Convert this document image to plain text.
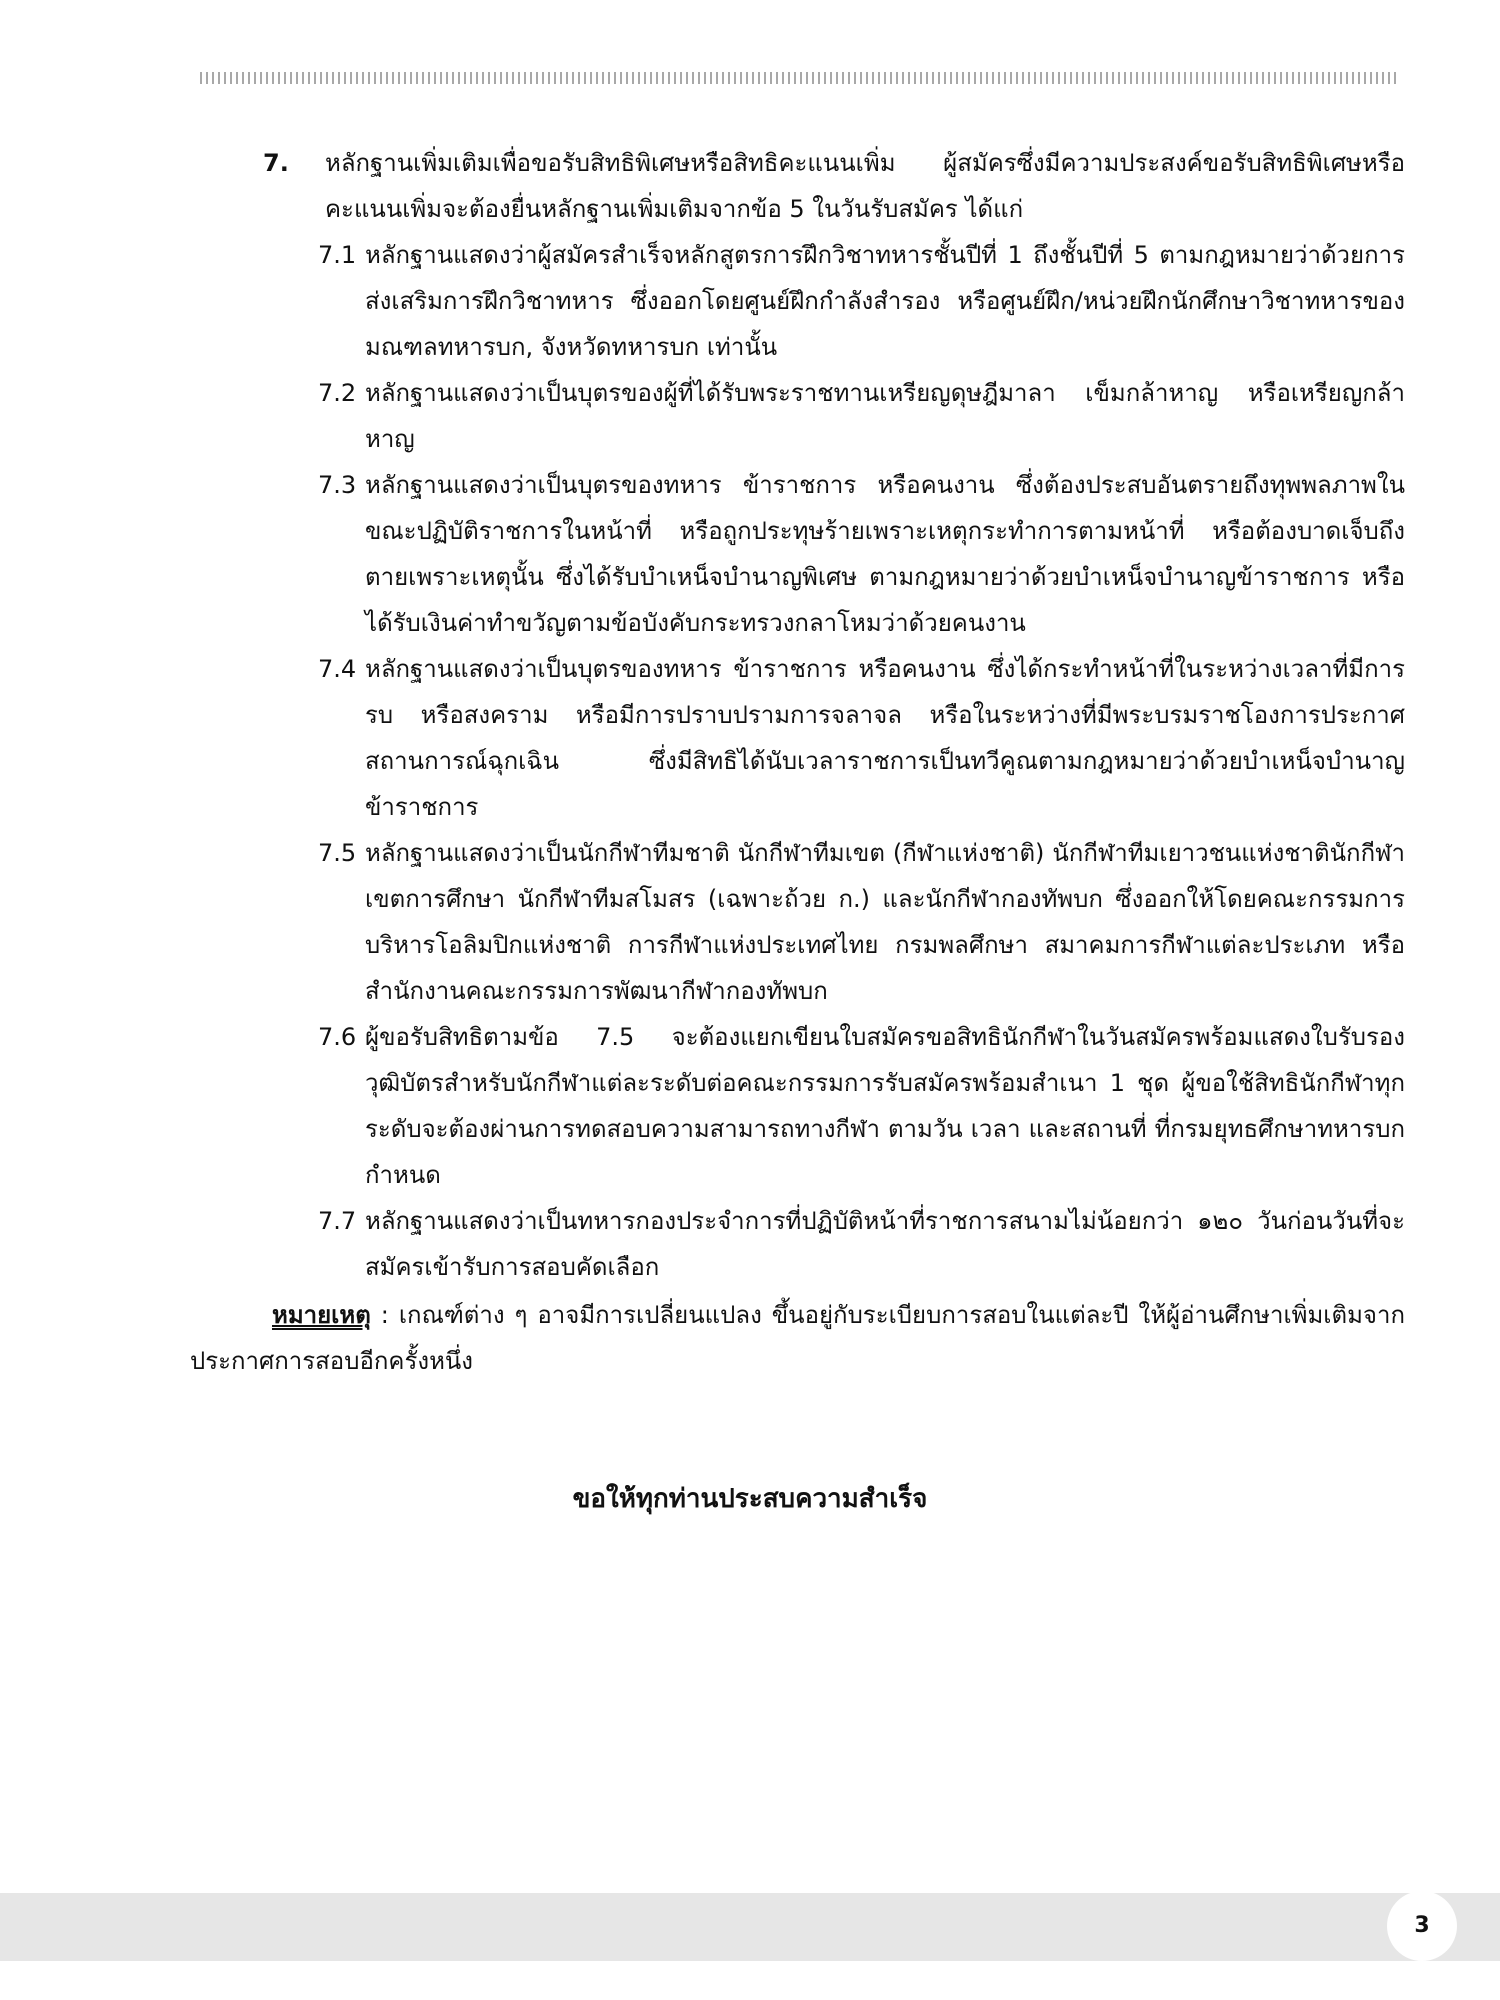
7. หลักฐานเพิ่มเติมเพื่อขอรับสิทธิพิเศษหรือสิทธิคะแนนเพิ่ม ผู้สมัครซึ่งมีความประสงค์ขอรับสิทธิพิเศษหรือคะแนนเพิ่มจะต้องยื่นหลักฐานเพิ่มเติมจากข้อ 5 ในวันรับสมัคร ได้แก่
7.1 หลักฐานแสดงว่าผู้สมัครสำเร็จหลักสูตรการฝึกวิชาทหารชั้นปีที่ 1 ถึงชั้นปีที่ 5 ตามกฎหมายว่าด้วยการส่งเสริมการฝึกวิชาทหาร ซึ่งออกโดยศูนย์ฝึกกำลังสำรอง หรือศูนย์ฝึก/หน่วยฝึกนักศึกษาวิชาทหารของมณฑลทหารบก, จังหวัดทหารบก เท่านั้น
7.2 หลักฐานแสดงว่าเป็นบุตรของผู้ที่ได้รับพระราชทานเหรียญดุษฎีมาลา เข็มกล้าหาญ หรือเหรียญกล้าหาญ
7.3 หลักฐานแสดงว่าเป็นบุตรของทหาร ข้าราชการ หรือคนงาน ซึ่งต้องประสบอันตรายถึงทุพพลภาพในขณะปฏิบัติราชการในหน้าที่ หรือถูกประทุษร้ายเพราะเหตุกระทำการตามหน้าที่ หรือต้องบาดเจ็บถึงตายเพราะเหตุนั้น ซึ่งได้รับบำเหน็จบำนาญพิเศษ ตามกฎหมายว่าด้วยบำเหน็จบำนาญข้าราชการ หรือได้รับเงินค่าทำขวัญตามข้อบังคับกระทรวงกลาโหมว่าด้วยคนงาน
7.4 หลักฐานแสดงว่าเป็นบุตรของทหาร ข้าราชการ หรือคนงาน ซึ่งได้กระทำหน้าที่ในระหว่างเวลาที่มีการรบ หรือสงคราม หรือมีการปราบปรามการจลาจล หรือในระหว่างที่มีพระบรมราชโองการประกาศสถานการณ์ฉุกเฉิน ซึ่งมีสิทธิได้นับเวลาราชการเป็นทวีคูณตามกฎหมายว่าด้วยบำเหน็จบำนาญข้าราชการ
7.5 หลักฐานแสดงว่าเป็นนักกีฬาทีมชาติ นักกีฬาทีมเขต (กีฬาแห่งชาติ) นักกีฬาทีมเยาวชนแห่งชาตินักกีฬาเขตการศึกษา นักกีฬาทีมสโมสร (เฉพาะถ้วย ก.) และนักกีฬากองทัพบก ซึ่งออกให้โดยคณะกรรมการบริหารโอลิมปิกแห่งชาติ การกีฬาแห่งประเทศไทย กรมพลศึกษา สมาคมการกีฬาแต่ละประเภท หรือสำนักงานคณะกรรมการพัฒนากีฬากองทัพบก
7.6 ผู้ขอรับสิทธิตามข้อ 7.5 จะต้องแยกเขียนใบสมัครขอสิทธินักกีฬาในวันสมัครพร้อมแสดงใบรับรองวุฒิบัตรสำหรับนักกีฬาแต่ละระดับต่อคณะกรรมการรับสมัครพร้อมสำเนา 1 ชุด ผู้ขอใช้สิทธินักกีฬาทุกระดับจะต้องผ่านการทดสอบความสามารถทางกีฬา ตามวัน เวลา และสถานที่ ที่กรมยุทธศึกษาทหารบกกำหนด
7.7 หลักฐานแสดงว่าเป็นทหารกองประจำการที่ปฏิบัติหน้าที่ราชการสนามไม่น้อยกว่า ๑๒๐ วันก่อนวันที่จะสมัครเข้ารับการสอบคัดเลือก
หมายเหตุ : เกณฑ์ต่าง ๆ อาจมีการเปลี่ยนแปลง ขึ้นอยู่กับระเบียบการสอบในแต่ละปี ให้ผู้อ่านศึกษาเพิ่มเติมจากประกาศการสอบอีกครั้งหนึ่ง
ขอให้ทุกท่านประสบความสำเร็จ
3
